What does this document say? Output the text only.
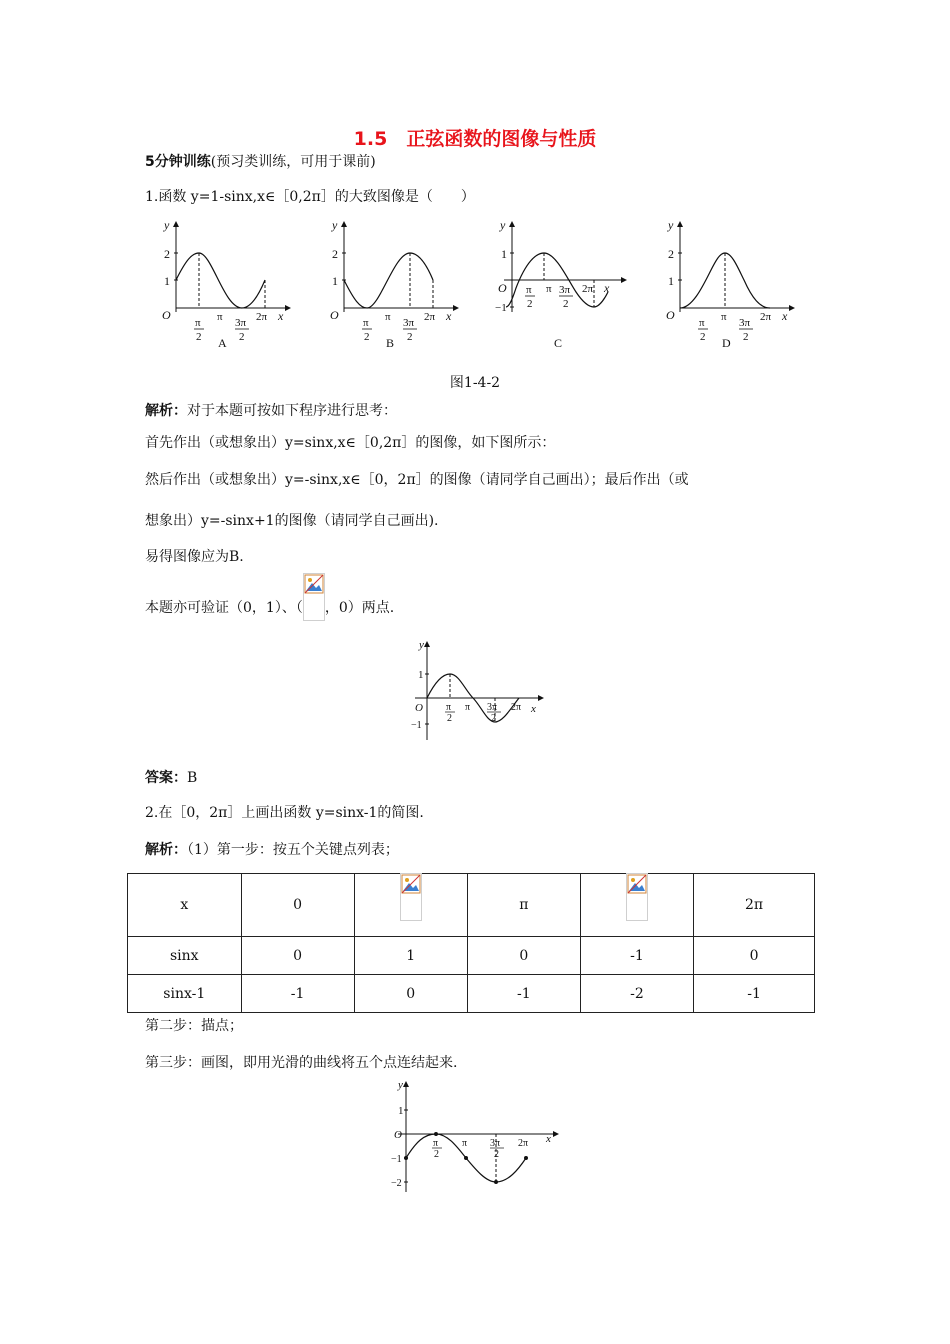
1.5　正弦函数的图像与性质
5分钟训练(预习类训练，可用于课前)
1.函数 y=1-sinx,x∈［0,2π］的大致图像是（　　）
y
2
1
O
π
2
π 3π
2
2π x
A
y
2
1
O
π
2
π 3π
2
2π x
B
y
1
O
−1
π
2
π 3π
2
2π x
C
y
2
1
O
π
2
π 3π
2
2π x
D
图1-4-2
解析：对于本题可按如下程序进行思考：
首先作出（或想象出）y=sinx,x∈［0,2π］的图像，如下图所示：
然后作出（或想象出）y=-sinx,x∈［0，2π］的图像（请同学自己画出）；最后作出（或
想象出）y=-sinx+1的图像（请同学自己画出).
易得图像应为B.
本题亦可验证（0，1）、（ ，0）两点.
y
1
O
−1
π
2
π 3π
2
2π x
答案：B
2.在［0，2π］上画出函数 y=sinx-1的简图.
解析：（1）第一步：按五个关键点列表；
x	0		π		2π
sinx	0	1	0	-1	0
sinx-1	-1	0	-1	-2	-1
第二步：描点；
第三步：画图，即用光滑的曲线将五个点连结起来.
y
1
O
−1
−2
π
2
π 3π
2
2π x
